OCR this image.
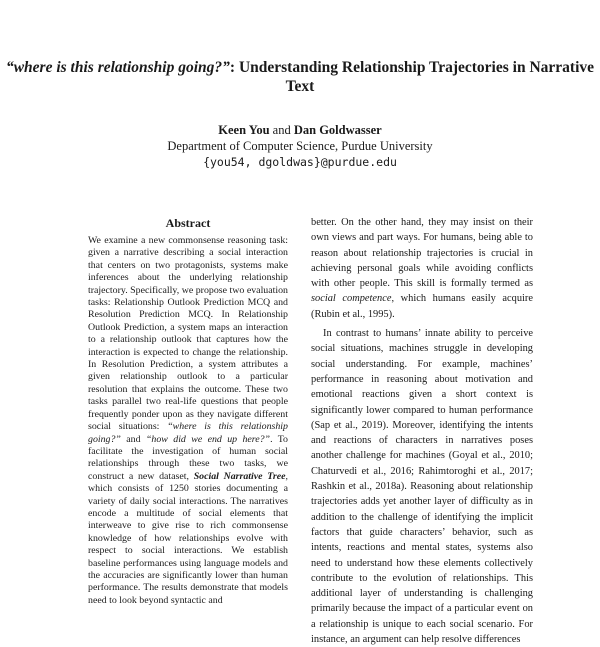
“where is this relationship going?”: Understanding Relationship Trajectories in Narrative Text
Keen You and Dan Goldwasser
Department of Computer Science, Purdue University
{you54, dgoldwas}@purdue.edu
Abstract

We examine a new commonsense reasoning task: given a narrative describing a social interaction that centers on two protagonists, systems make inferences about the underlying relationship trajectory. Specifically, we propose two evaluation tasks: Relationship Outlook Prediction MCQ and Resolution Prediction MCQ. In Relationship Outlook Prediction, a system maps an interaction to a relationship outlook that captures how the interaction is expected to change the relationship. In Resolution Prediction, a system attributes a given relationship outlook to a particular resolution that explains the outcome. These two tasks parallel two real-life questions that people frequently ponder upon as they navigate different social situations: “where is this relationship going?” and “how did we end up here?”. To facilitate the investigation of human social relationships through these two tasks, we construct a new dataset, Social Narrative Tree, which consists of 1250 stories documenting a variety of daily social interactions. The narratives encode a multitude of social elements that interweave to give rise to rich commonsense knowledge of how relationships evolve with respect to social interactions. We establish baseline performances using language models and the accuracies are significantly lower than human performance. The results demonstrate that models need to look beyond syntactic and

better. On the other hand, they may insist on their own views and part ways. For humans, being able to reason about relationship trajectories is crucial in achieving personal goals while avoiding conflicts with other people. This skill is formally termed as social competence, which humans easily acquire (Rubin et al., 1995).

In contrast to humans’ innate ability to perceive social situations, machines struggle in developing social understanding. For example, machines’ performance in reasoning about motivation and emotional reactions given a short context is significantly lower compared to human performance (Sap et al., 2019). Moreover, identifying the intents and reactions of characters in narratives poses another challenge for machines (Goyal et al., 2010; Chaturvedi et al., 2016; Rahimtoroghi et al., 2017; Rashkin et al., 2018a). Reasoning about relationship trajectories adds yet another layer of difficulty as in addition to the challenge of identifying the implicit factors that guide characters’ behavior, such as intents, reactions and mental states, systems also need to understand how these elements collectively contribute to the evolution of relationships. This additional layer of understanding is challenging primarily because the impact of a particular event on a relationship is unique to each social scenario. For instance, an argument can help resolve differences
